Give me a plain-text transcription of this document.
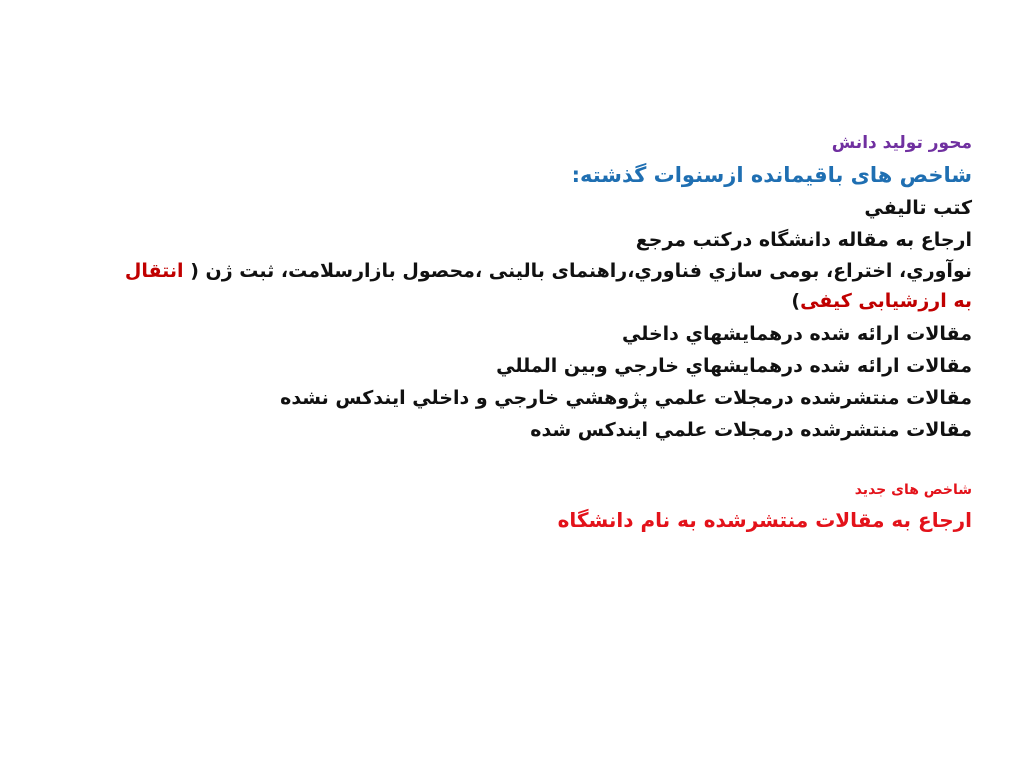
محور تولید دانش

شاخص های باقیمانده ازسنوات گذشته:

کتب تاليفي

ارجاع به مقاله دانشگاه درکتب مرجع

نوآوري، اختراع، بومی سازي فناوري،راهنمای بالینی ،محصول بازارسلامت، ثبت ژن ( انتقال به ارزشیابی کیفی)

مقالات ارائه شده درهمايشهاي داخلي

مقالات ارائه شده درهمايشهاي خارجي وبين المللي

مقالات منتشرشده درمجلات علمي پژوهشي خارجي و داخلي ايندكس نشده

مقالات منتشرشده درمجلات علمي ايندكس شده

شاخص های جدید

ارجاع به مقالات منتشرشده به نام دانشگاه
